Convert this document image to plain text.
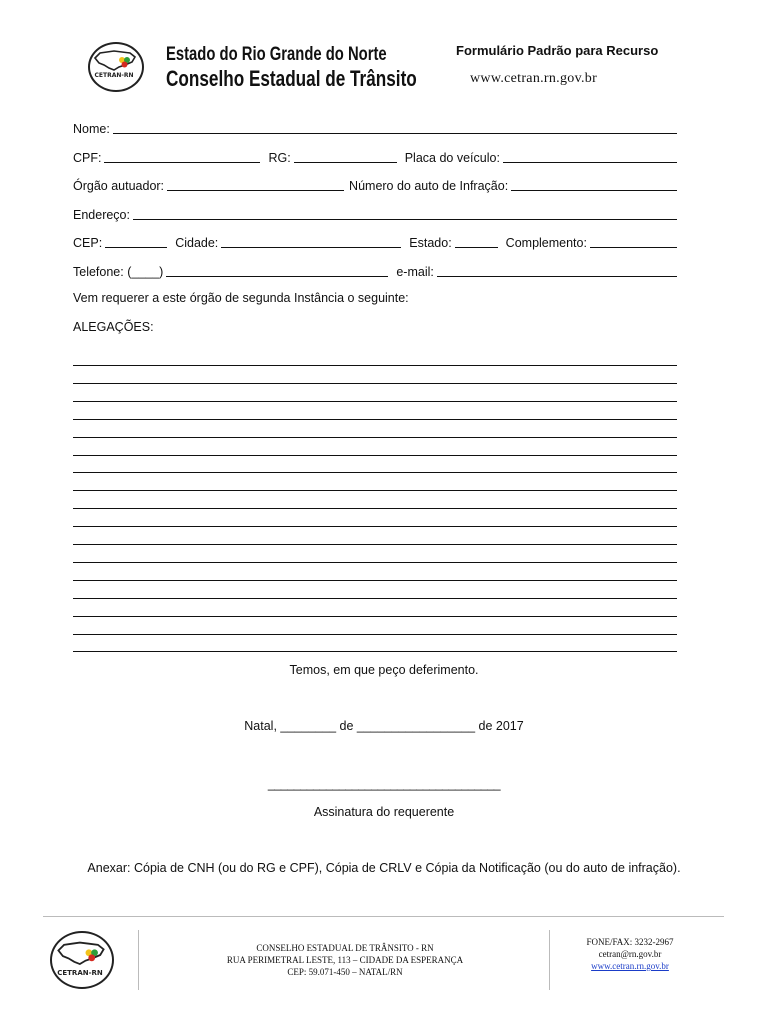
CETRAN-RN
Estado do Rio Grande do Norte
Conselho Estadual de Trânsito
Formulário Padrão para Recurso
www.cetran.rn.gov.br
Nome:
CPF:	RG:	Placa do veículo:
Órgão autuador:	Número do auto de Infração:
Endereço:
CEP:	Cidade:	Estado:	Complemento:
Telefone: (____)	e-mail:
Vem requerer a este órgão de segunda Instância o seguinte:
ALEGAÇÕES:
Temos, em que peço deferimento.
Natal, ________ de _________________ de 2017
____________________________________
Assinatura do requerente
Anexar: Cópia de CNH (ou do RG e CPF), Cópia de CRLV e Cópia da Notificação (ou do auto de infração).
CETRAN-RN
CONSELHO ESTADUAL DE TRÂNSITO - RN
RUA PERIMETRAL LESTE, 113 – CIDADE DA ESPERANÇA
CEP: 59.071-450 – NATAL/RN
FONE/FAX: 3232-2967
cetran@rn.gov.br
www.cetran.rn.gov.br
